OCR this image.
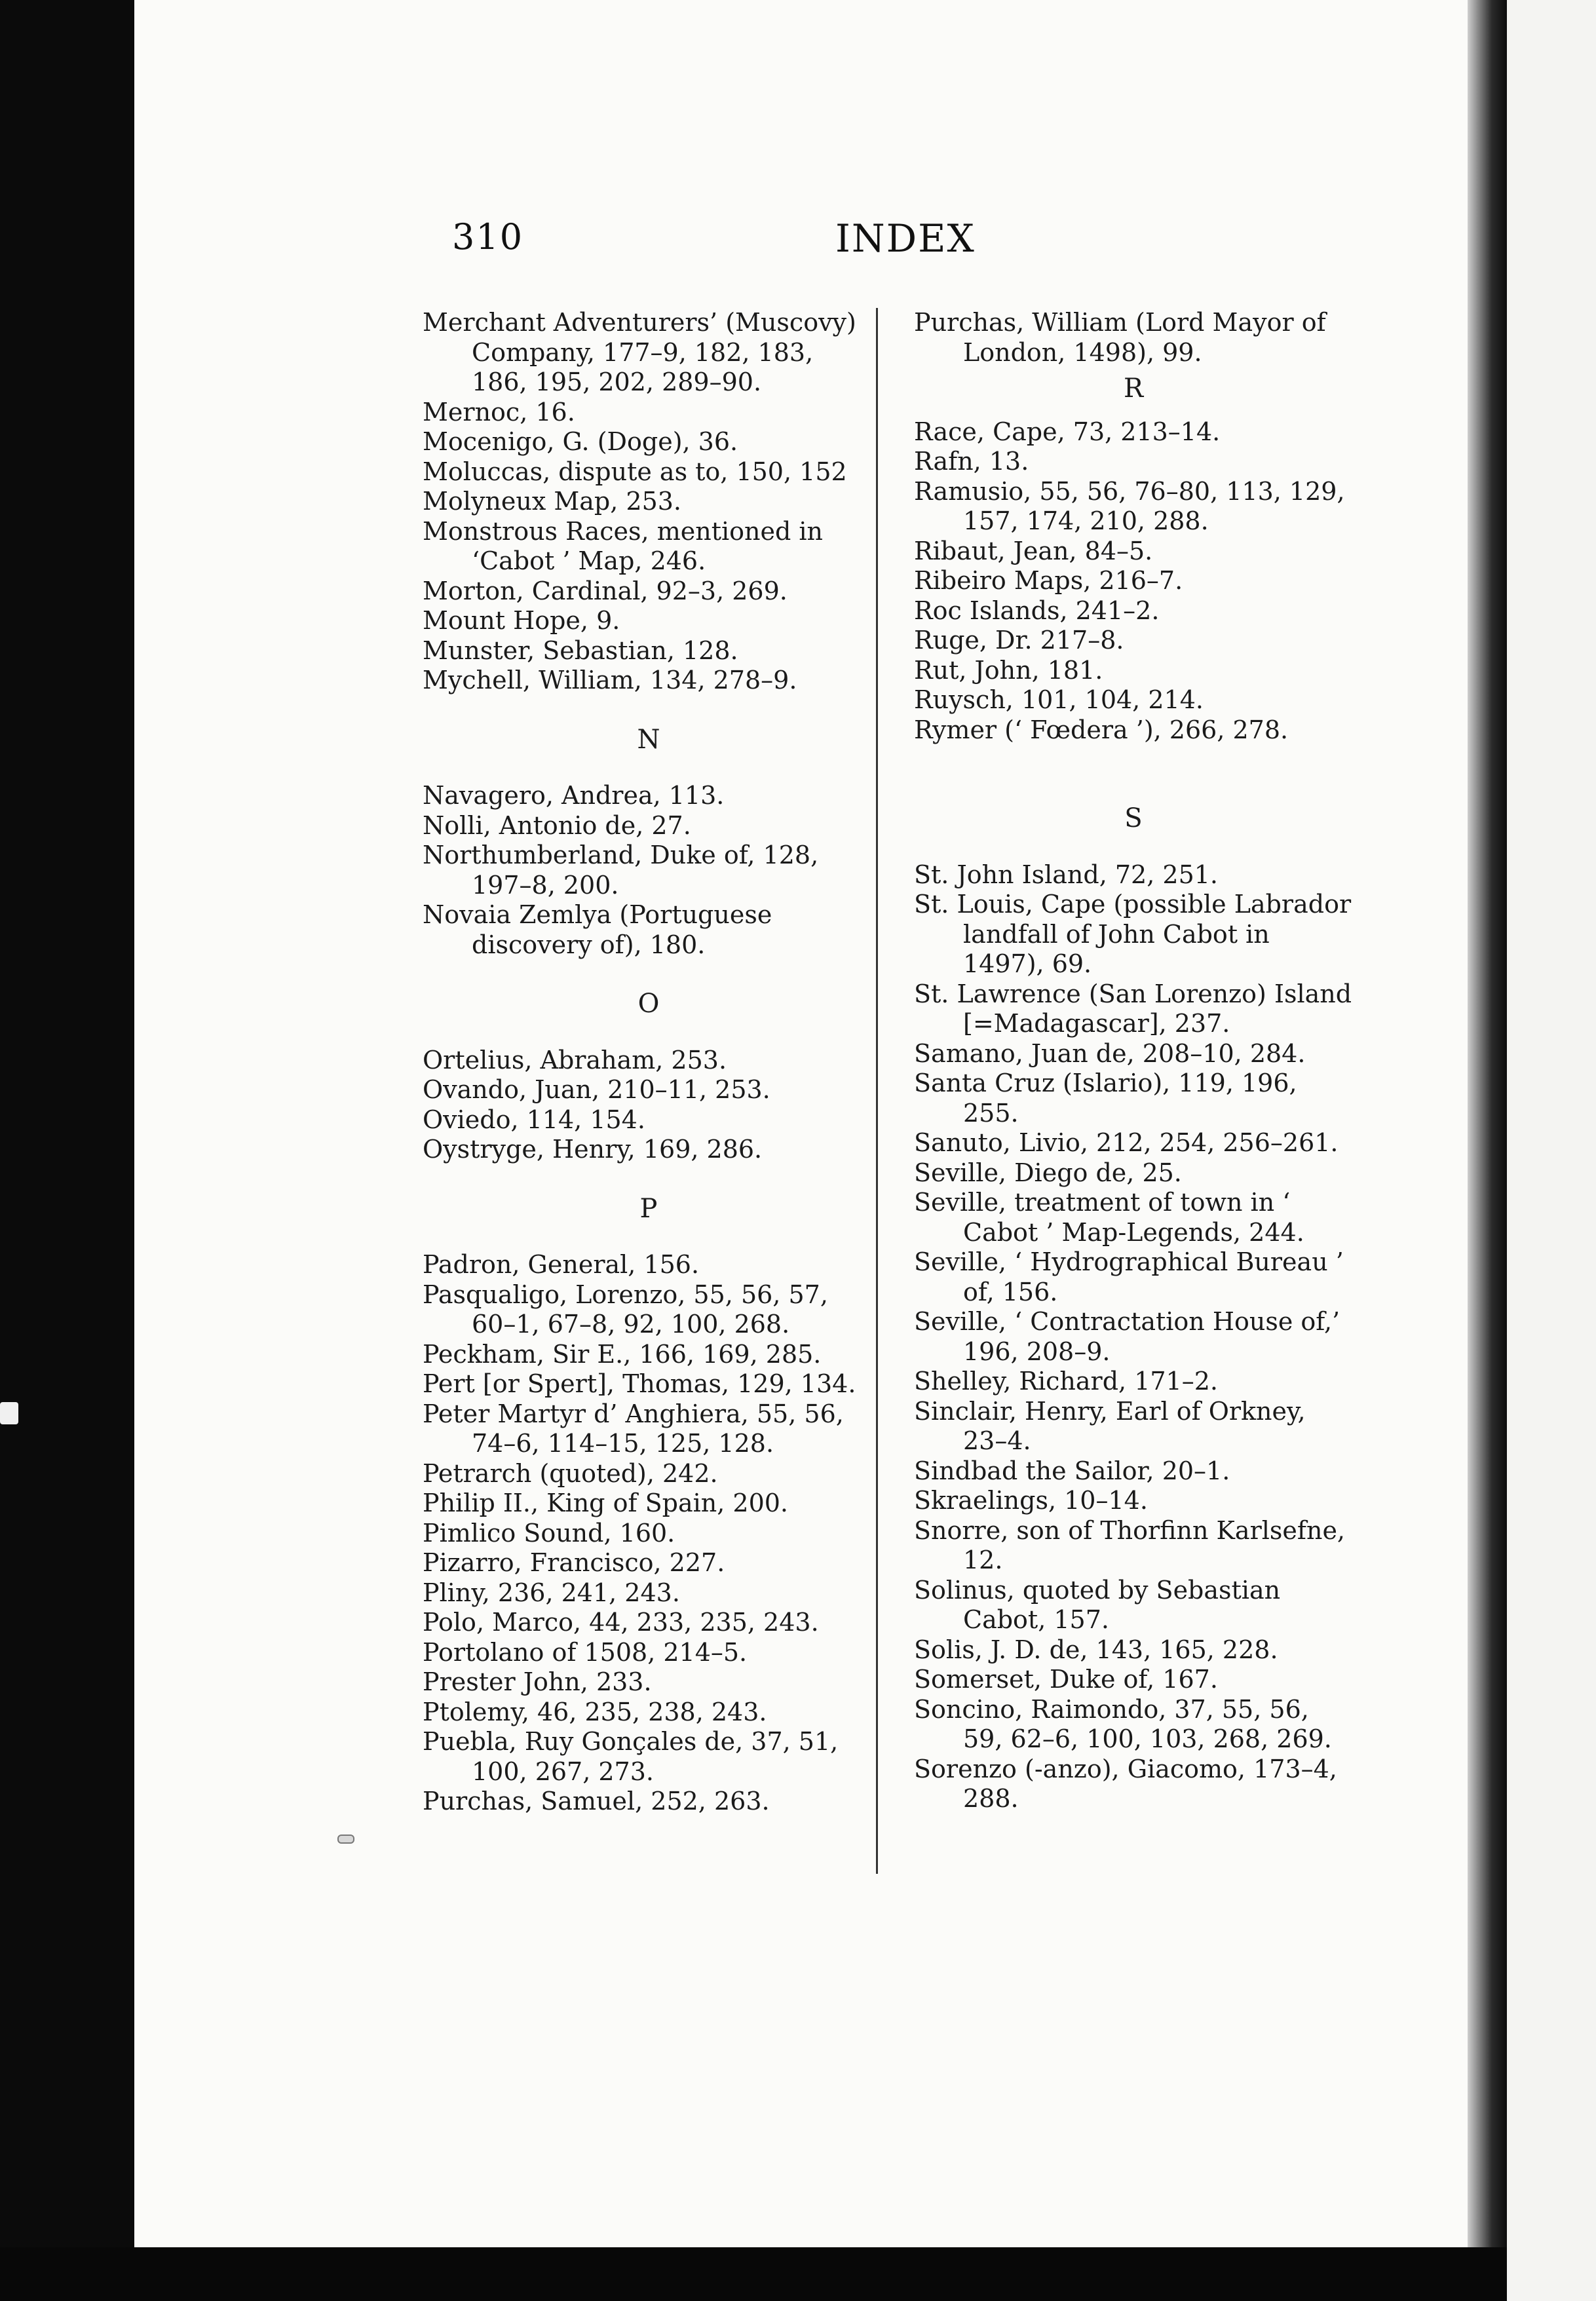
310	INDEX

Merchant Adventurers’ (Muscovy) Company, 177–9, 182, 183, 186, 195, 202, 289–90.

Mernoc, 16.

Mocenigo, G. (Doge), 36.

Moluccas, dispute as to, 150, 152

Molyneux Map, 253.

Monstrous Races, mentioned in ‘Cabot ’ Map, 246.

Morton, Cardinal, 92–3, 269.

Mount Hope, 9.

Munster, Sebastian, 128.

Mychell, William, 134, 278–9.

N

Navagero, Andrea, 113.

Nolli, Antonio de, 27.

Northumberland, Duke of, 128, 197–8, 200.

Novaia Zemlya (Portuguese discovery of), 180.

O

Ortelius, Abraham, 253.

Ovando, Juan, 210–11, 253.

Oviedo, 114, 154.

Oystryge, Henry, 169, 286.

P

Padron, General, 156.

Pasqualigo, Lorenzo, 55, 56, 57, 60–1, 67–8, 92, 100, 268.

Peckham, Sir E., 166, 169, 285.

Pert [or Spert], Thomas, 129, 134.

Peter Martyr d’ Anghiera, 55, 56, 74–6, 114–15, 125, 128.

Petrarch (quoted), 242.

Philip II., King of Spain, 200.

Pimlico Sound, 160.

Pizarro, Francisco, 227.

Pliny, 236, 241, 243.

Polo, Marco, 44, 233, 235, 243.

Portolano of 1508, 214–5.

Prester John, 233.

Ptolemy, 46, 235, 238, 243.

Puebla, Ruy Gonçales de, 37, 51, 100, 267, 273.

Purchas, Samuel, 252, 263.

Purchas, William (Lord Mayor of London, 1498), 99.

R

Race, Cape, 73, 213–14.

Rafn, 13.

Ramusio, 55, 56, 76–80, 113, 129, 157, 174, 210, 288.

Ribaut, Jean, 84–5.

Ribeiro Maps, 216–7.

Roc Islands, 241–2.

Ruge, Dr. 217–8.

Rut, John, 181.

Ruysch, 101, 104, 214.

Rymer (‘ Fœdera ’), 266, 278.

S

St. John Island, 72, 251.

St. Louis, Cape (possible Labrador landfall of John Cabot in 1497), 69.

St. Lawrence (San Lorenzo) Island [=Madagascar], 237.

Samano, Juan de, 208–10, 284.

Santa Cruz (Islario), 119, 196, 255.

Sanuto, Livio, 212, 254, 256–261.

Seville, Diego de, 25.

Seville, treatment of town in ‘ Cabot ’ Map-Legends, 244.

Seville, ‘ Hydrographical Bureau ’ of, 156.

Seville, ‘ Contractation House of,’ 196, 208–9.

Shelley, Richard, 171–2.

Sinclair, Henry, Earl of Orkney, 23–4.

Sindbad the Sailor, 20–1.

Skraelings, 10–14.

Snorre, son of Thorfinn Karlsefne, 12.

Solinus, quoted by Sebastian Cabot, 157.

Solis, J. D. de, 143, 165, 228.

Somerset, Duke of, 167.

Soncino, Raimondo, 37, 55, 56, 59, 62–6, 100, 103, 268, 269.

Sorenzo (-anzo), Giacomo, 173–4, 288.
